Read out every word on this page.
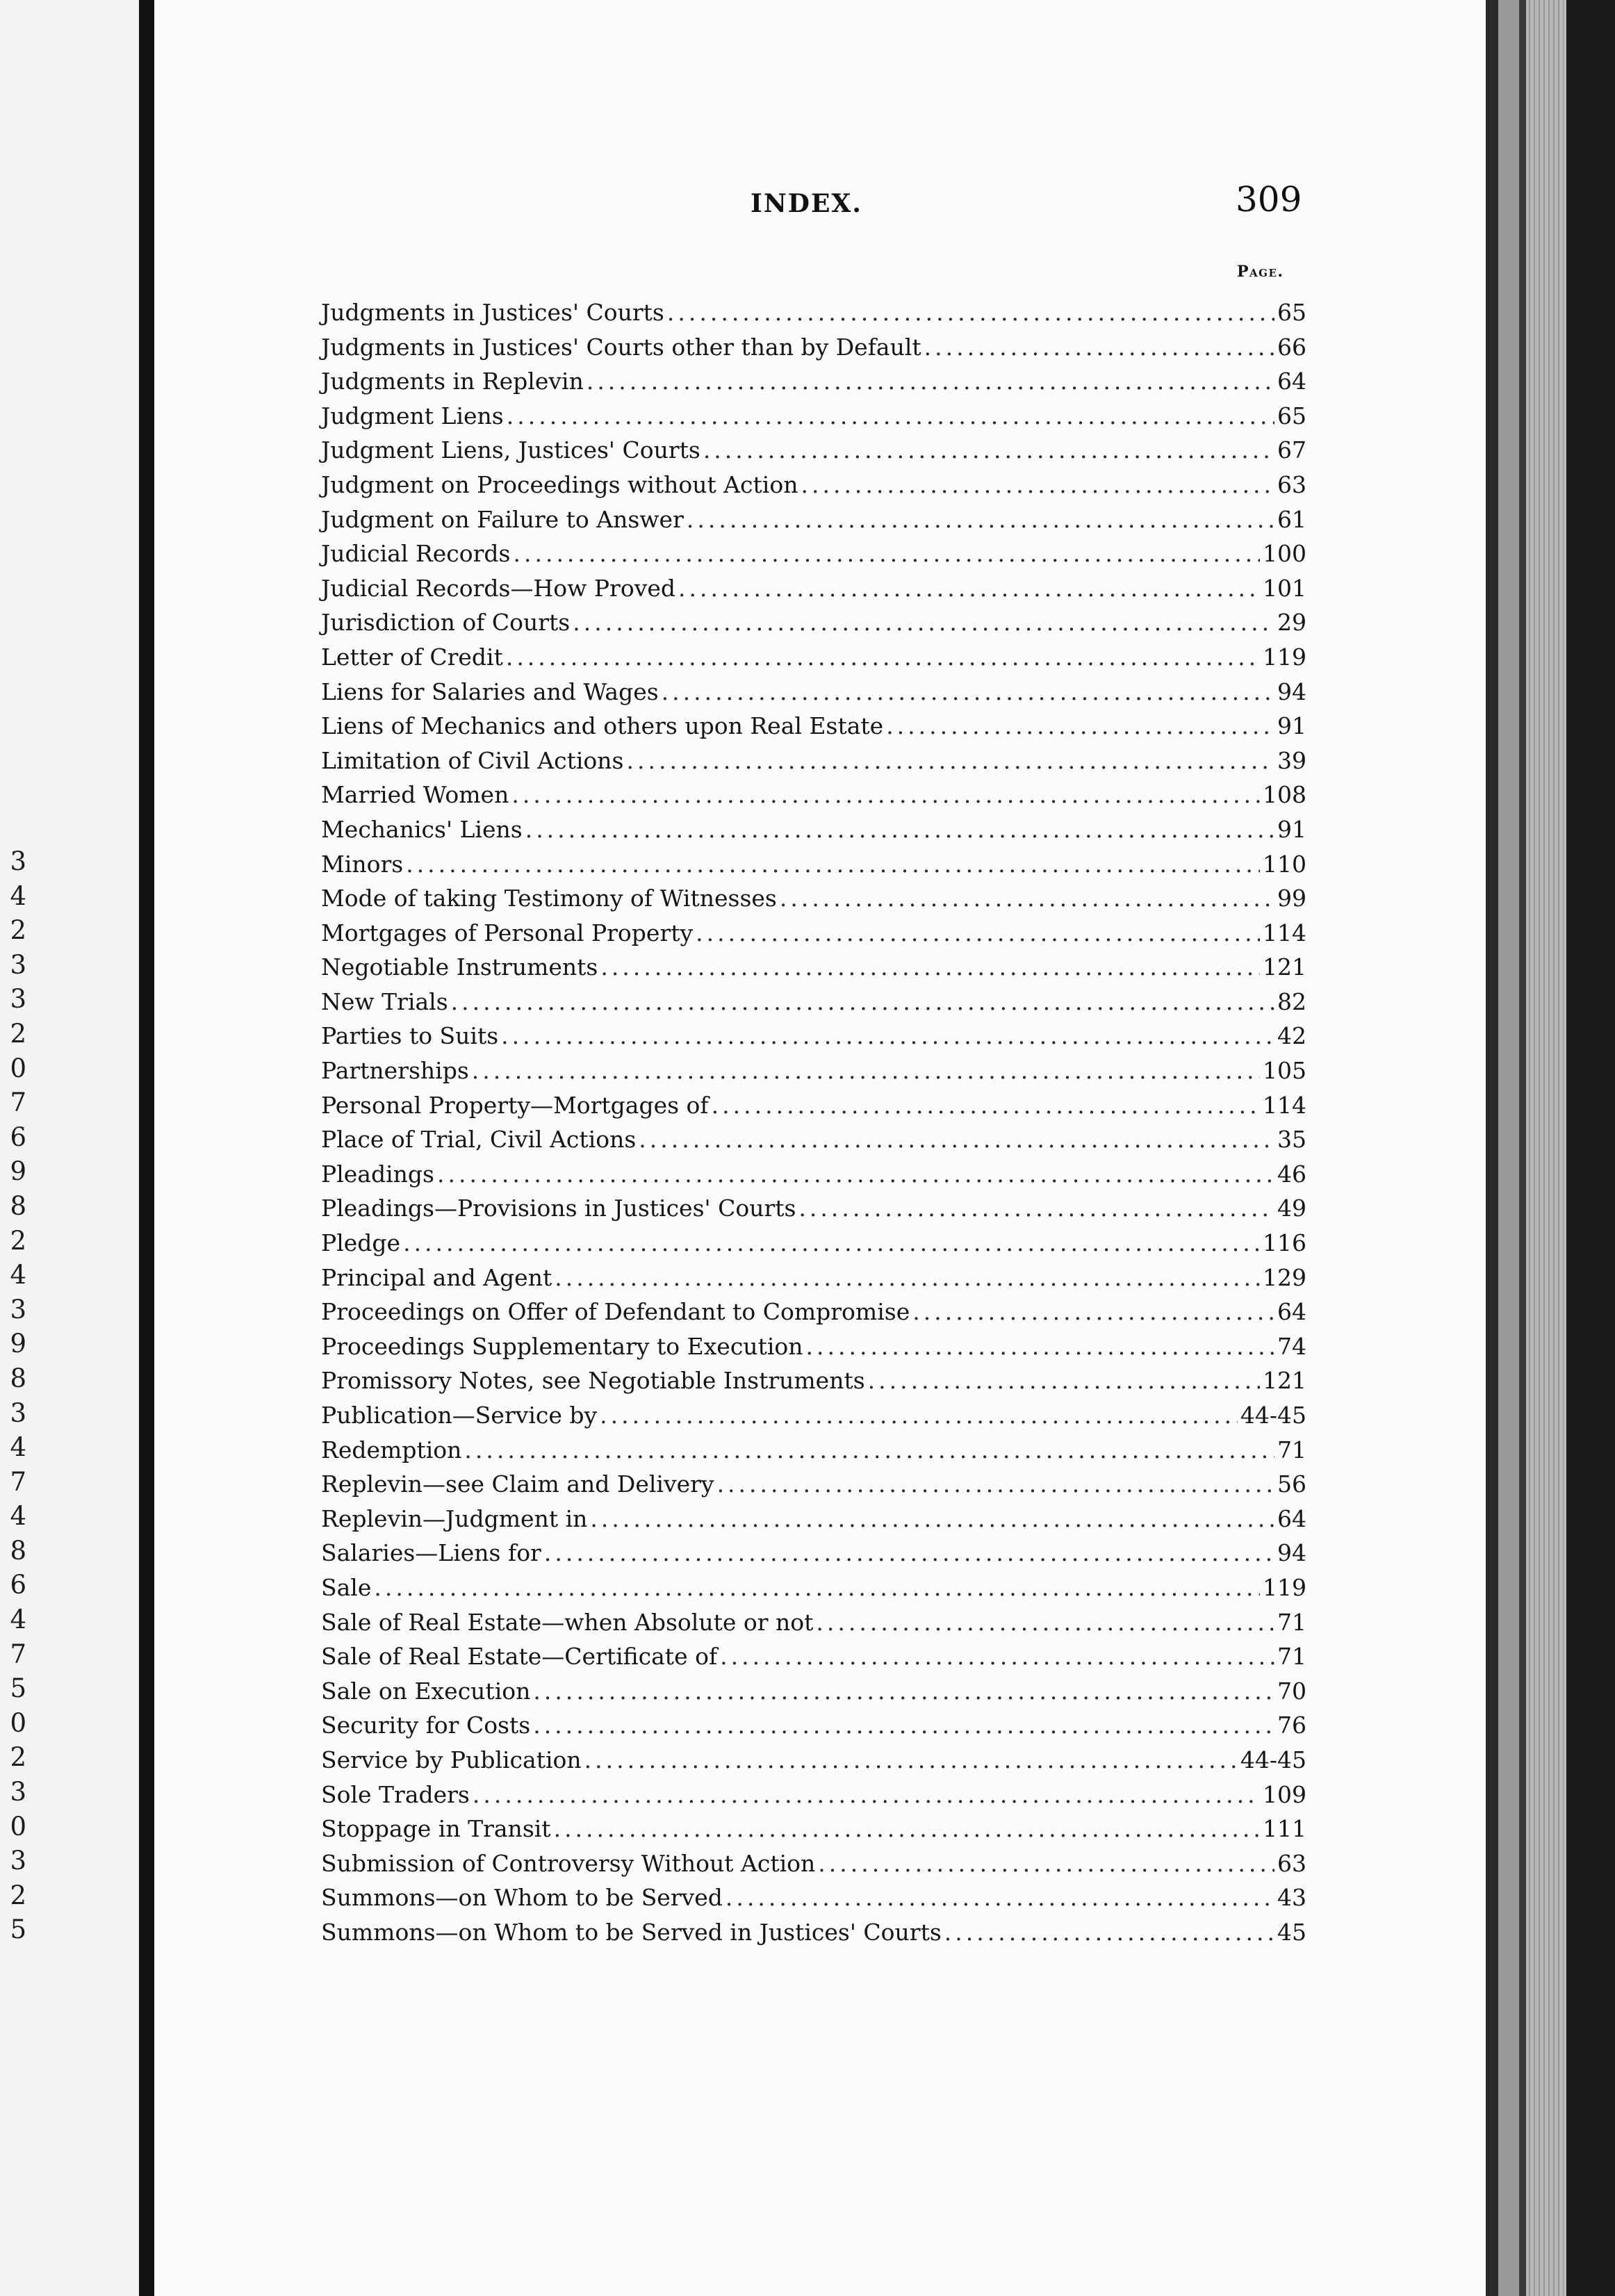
3
4
2
3
3
2
0
7
6
9
8
2
4
3
9
8
3
4
7
4
8
6
4
7
5
0
2
3
0
3
2
5
INDEX.	309
Page.
Judgments in Justices' Courts .....	65
Judgments in Justices' Courts other than by Default .....	66
Judgments in Replevin .....	64
Judgment Liens .....	65
Judgment Liens, Justices' Courts .....	67
Judgment on Proceedings without Action .....	63
Judgment on Failure to Answer .....	61
Judicial Records .....	100
Judicial Records—How Proved .....	101
Jurisdiction of Courts .....	29
Letter of Credit .....	119
Liens for Salaries and Wages .....	94
Liens of Mechanics and others upon Real Estate .....	91
Limitation of Civil Actions .....	39
Married Women .....	108
Mechanics' Liens .....	91
Minors .....	110
Mode of taking Testimony of Witnesses .....	99
Mortgages of Personal Property .....	114
Negotiable Instruments .....	121
New Trials .....	82
Parties to Suits .....	42
Partnerships .....	105
Personal Property—Mortgages of .....	114
Place of Trial, Civil Actions .....	35
Pleadings .....	46
Pleadings—Provisions in Justices' Courts .....	49
Pledge .....	116
Principal and Agent .....	129
Proceedings on Offer of Defendant to Compromise .....	64
Proceedings Supplementary to Execution .....	74
Promissory Notes, see Negotiable Instruments .....	121
Publication—Service by .....	44-45
Redemption .....	71
Replevin—see Claim and Delivery .....	56
Replevin—Judgment in .....	64
Salaries—Liens for .....	94
Sale .....	119
Sale of Real Estate—when Absolute or not .....	71
Sale of Real Estate—Certificate of .....	71
Sale on Execution .....	70
Security for Costs .....	76
Service by Publication .....	44-45
Sole Traders .....	109
Stoppage in Transit .....	111
Submission of Controversy Without Action .....	63
Summons—on Whom to be Served .....	43
Summons—on Whom to be Served in Justices' Courts .....	45
